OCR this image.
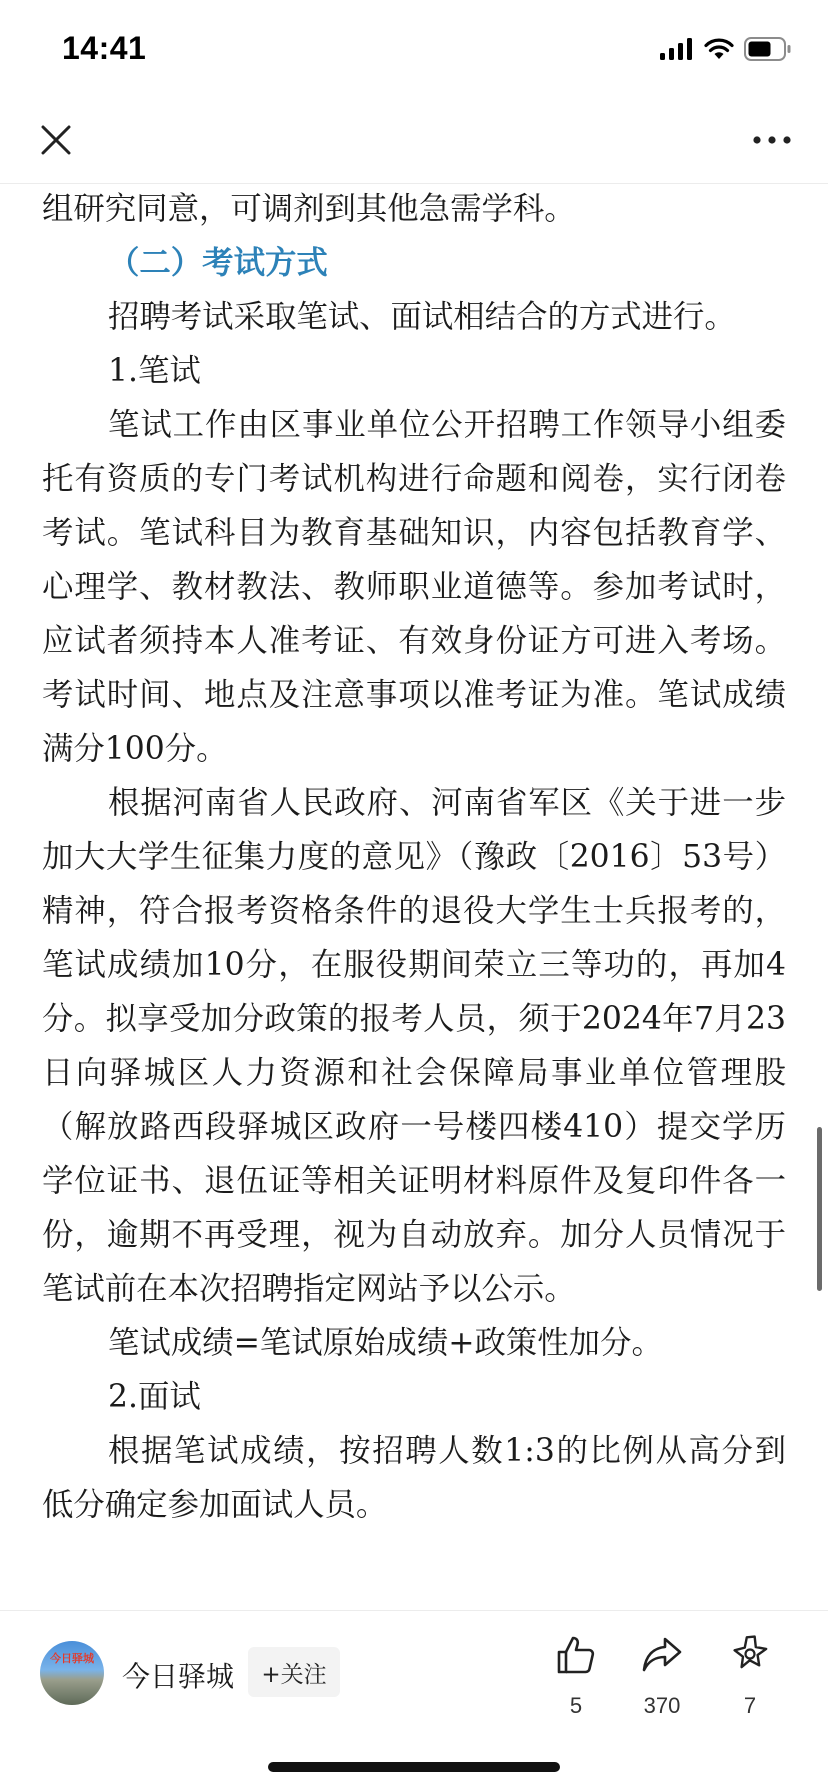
14:41

组研究同意，可调剂到其他急需学科。

（二）考试方式

招聘考试采取笔试、面试相结合的方式进行。

1.笔试

笔试工作由区事业单位公开招聘工作领导小组委托有资质的专门考试机构进行命题和阅卷，实行闭卷考试。笔试科目为教育基础知识，内容包括教育学、心理学、教材教法、教师职业道德等。参加考试时，应试者须持本人准考证、有效身份证方可进入考场。考试时间、地点及注意事项以准考证为准。笔试成绩满分100分。

根据河南省人民政府、河南省军区《关于进一步加大大学生征集力度的意见》（豫政〔2016〕53号）精神，符合报考资格条件的退役大学生士兵报考的，笔试成绩加10分，在服役期间荣立三等功的，再加4分。拟享受加分政策的报考人员，须于2024年7月23日向驿城区人力资源和社会保障局事业单位管理股（解放路西段驿城区政府一号楼四楼410）提交学历学位证书、退伍证等相关证明材料原件及复印件各一份，逾期不再受理，视为自动放弃。加分人员情况于笔试前在本次招聘指定网站予以公示。

笔试成绩=笔试原始成绩+政策性加分。

2.面试

根据笔试成绩，按招聘人数1:3的比例从高分到低分确定参加面试人员。

今日驿城
今日驿城	+关注
5	370	7
